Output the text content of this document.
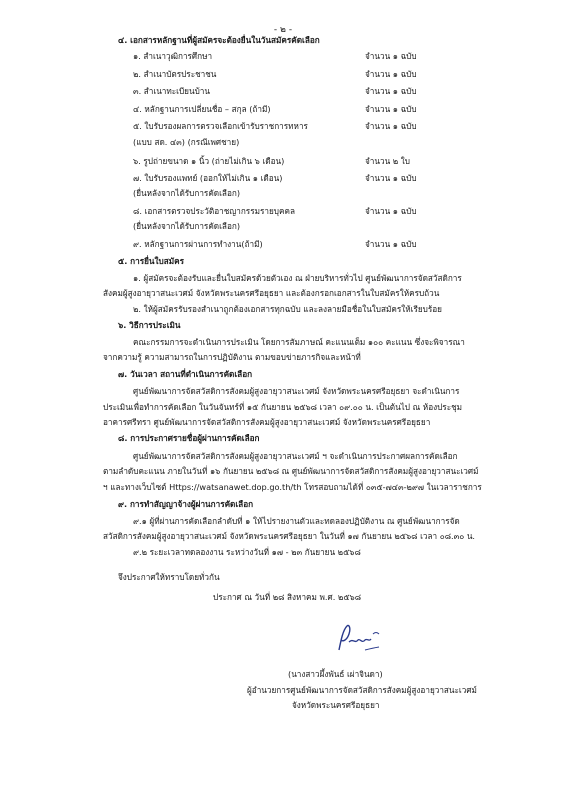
- ๒ -
๔. เอกสารหลักฐานที่ผู้สมัครจะต้องยื่นในวันสมัครคัดเลือก
๑. สำเนาวุฒิการศึกษา	จำนวน ๑ ฉบับ
๒. สำเนาบัตรประชาชน	จำนวน ๑ ฉบับ
๓. สำเนาทะเบียนบ้าน	จำนวน ๑ ฉบับ
๔. หลักฐานการเปลี่ยนชื่อ – สกุล (ถ้ามี)	จำนวน ๑ ฉบับ
๕. ใบรับรองผลการตรวจเลือกเข้ารับราชการทหาร	จำนวน ๑ ฉบับ
(แบบ สด. ๔๓) (กรณีเพศชาย)
๖. รูปถ่ายขนาด ๑ นิ้ว (ถ่ายไม่เกิน ๖ เดือน)	จำนวน ๒ ใบ
๗. ใบรับรองแพทย์ (ออกให้ไม่เกิน ๑ เดือน)	จำนวน ๑ ฉบับ
(ยื่นหลังจากได้รับการคัดเลือก)
๘. เอกสารตรวจประวัติอาชญากรรมรายบุคคล	จำนวน ๑ ฉบับ
(ยื่นหลังจากได้รับการคัดเลือก)
๙. หลักฐานการผ่านการทำงาน(ถ้ามี)	จำนวน ๑ ฉบับ
๕. การยื่นใบสมัคร
๑. ผู้สมัครจะต้องรับและยื่นใบสมัครด้วยตัวเอง ณ ฝ่ายบริหารทั่วไป ศูนย์พัฒนาการจัดสวัสดิการ
สังคมผู้สูงอายุวาสนะเวศม์ จังหวัดพระนครศรีอยุธยา และต้องกรอกเอกสารในใบสมัครให้ครบถ้วน
๒. ให้ผู้สมัครรับรองสำเนาถูกต้องเอกสารทุกฉบับ และลงลายมือชื่อในใบสมัครให้เรียบร้อย
๖. วิธีการประเมิน
คณะกรรมการจะดำเนินการประเมิน โดยการสัมภาษณ์ คะแนนเต็ม ๑๐๐ คะแนน ซึ่งจะพิจารณา
จากความรู้ ความสามารถในการปฏิบัติงาน ตามขอบข่ายภารกิจและหน้าที่
๗. วันเวลา สถานที่ดำเนินการคัดเลือก
ศูนย์พัฒนาการจัดสวัสดิการสังคมผู้สูงอายุวาสนะเวศม์ จังหวัดพระนครศรีอยุธยา จะดำเนินการ
ประเมินเพื่อทำการคัดเลือก ในวันจันทร์ที่ ๑๕ กันยายน ๒๕๖๘ เวลา ๐๙.๐๐ น. เป็นต้นไป ณ ห้องประชุม
อาคารศรีทรา ศูนย์พัฒนาการจัดสวัสดิการสังคมผู้สูงอายุวาสนะเวศม์ จังหวัดพระนครศรีอยุธยา
๘. การประกาศรายชื่อผู้ผ่านการคัดเลือก
ศูนย์พัฒนาการจัดสวัสดิการสังคมผู้สูงอายุวาสนะเวศม์ ฯ จะดำเนินการประกาศผลการคัดเลือก
ตามลำดับคะแนน ภายในวันที่ ๑๖ กันยายน ๒๕๖๘ ณ ศูนย์พัฒนาการจัดสวัสดิการสังคมผู้สูงอายุวาสนะเวศม์
ฯ และทางเว็บไซต์ Https://watsanawet.dop.go.th/th โทรสอบถามได้ที่ ๐๓๕-๗๔๓-๒๙๗ ในเวลาราชการ
๙. การทำสัญญาจ้างผู้ผ่านการคัดเลือก
๙.๑ ผู้ที่ผ่านการคัดเลือกลำดับที่ ๑ ให้ไปรายงานตัวและทดลองปฏิบัติงาน ณ ศูนย์พัฒนาการจัด
สวัสดิการสังคมผู้สูงอายุวาสนะเวศม์ จังหวัดพระนครศรีอยุธยา ในวันที่ ๑๗ กันยายน ๒๕๖๘ เวลา ๐๘.๓๐ น.
๙.๒ ระยะเวลาทดลองงาน ระหว่างวันที่ ๑๗ - ๒๓ กันยายน ๒๕๖๘
จึงประกาศให้ทราบโดยทั่วกัน
ประกาศ ณ วันที่ ๒๘ สิงหาคม พ.ศ. ๒๕๖๘
(นางสาวผึ้งพันธ์ เผ่าจินดา)
ผู้อำนวยการศูนย์พัฒนาการจัดสวัสดิการสังคมผู้สูงอายุวาสนะเวศม์
จังหวัดพระนครศรีอยุธยา
